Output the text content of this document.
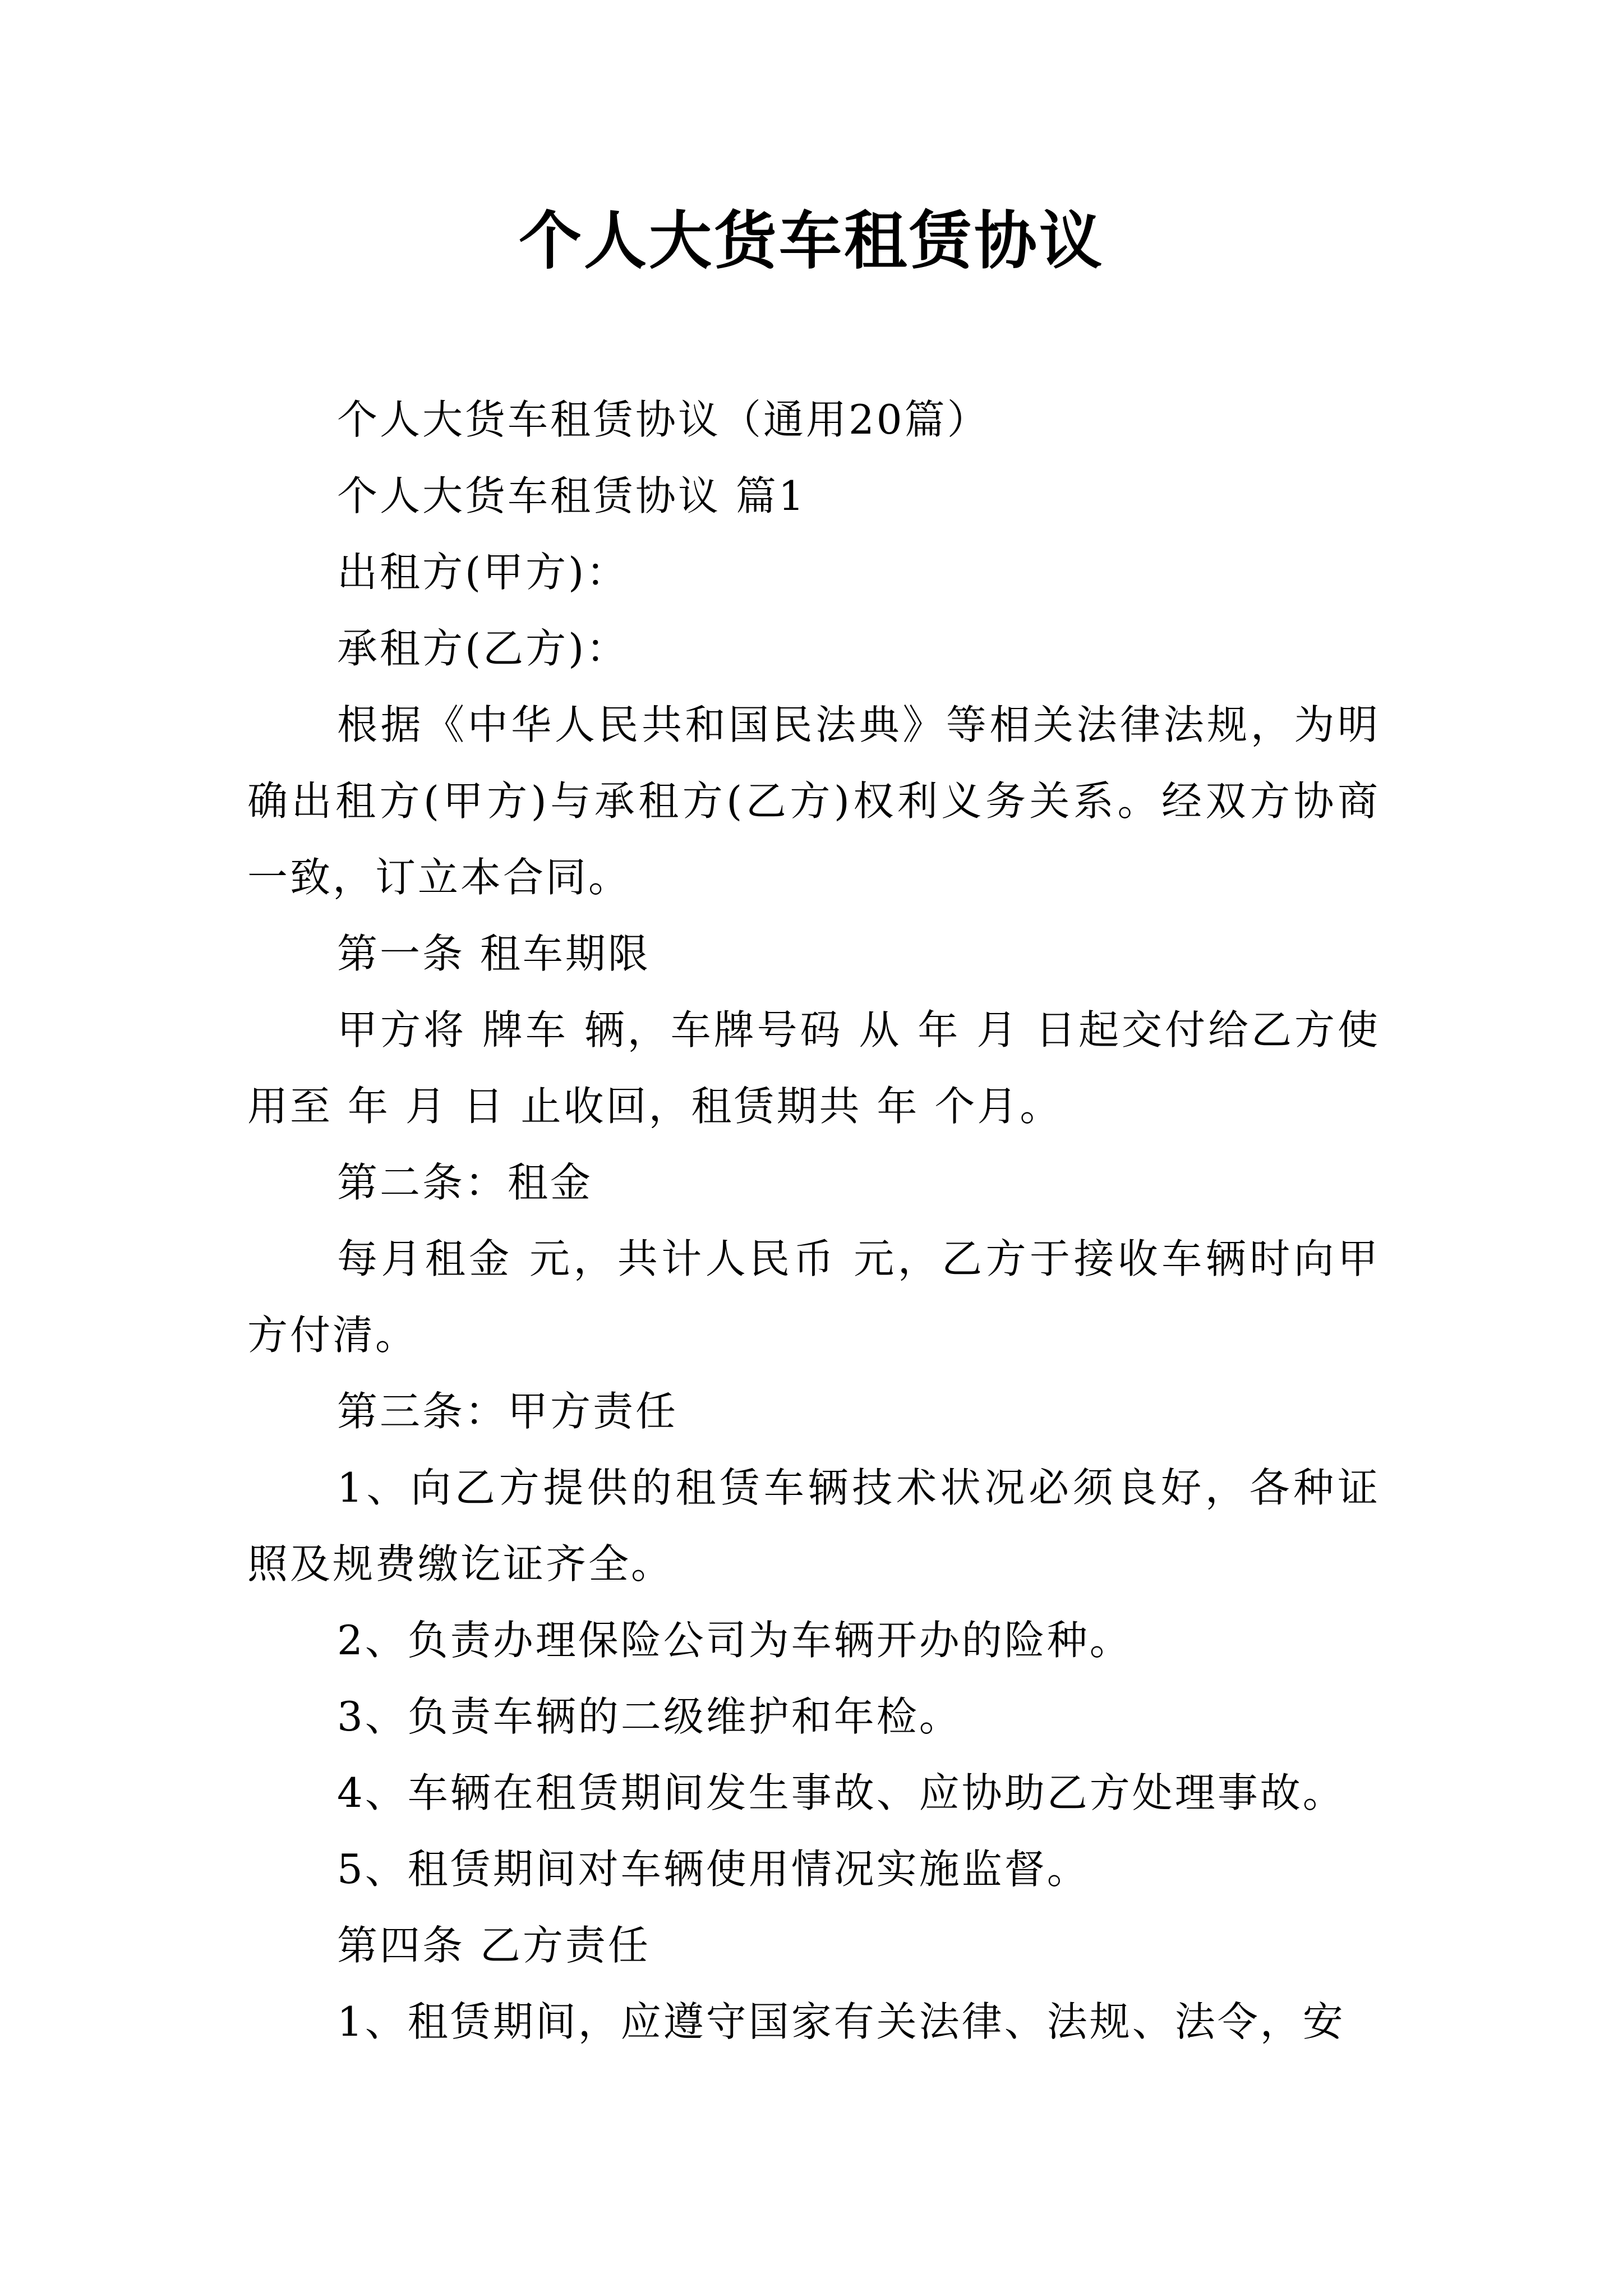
个人大货车租赁协议

个人大货车租赁协议（通用20篇）

个人大货车租赁协议 篇1

出租方(甲方)：

承租方(乙方)：

根据《中华人民共和国民法典》等相关法律法规，为明确出租方(甲方)与承租方(乙方)权利义务关系。经双方协商一致，订立本合同。

第一条 租车期限

甲方将 牌车 辆，车牌号码 从 年 月 日起交付给乙方使用至 年 月 日 止收回，租赁期共 年 个月。

第二条：租金

每月租金 元，共计人民币 元，乙方于接收车辆时向甲方付清。

第三条：甲方责任

1、向乙方提供的租赁车辆技术状况必须良好，各种证照及规费缴讫证齐全。

2、负责办理保险公司为车辆开办的险种。

3、负责车辆的二级维护和年检。

4、车辆在租赁期间发生事故、应协助乙方处理事故。

5、租赁期间对车辆使用情况实施监督。

第四条 乙方责任

1、租赁期间，应遵守国家有关法律、法规、法令，安
